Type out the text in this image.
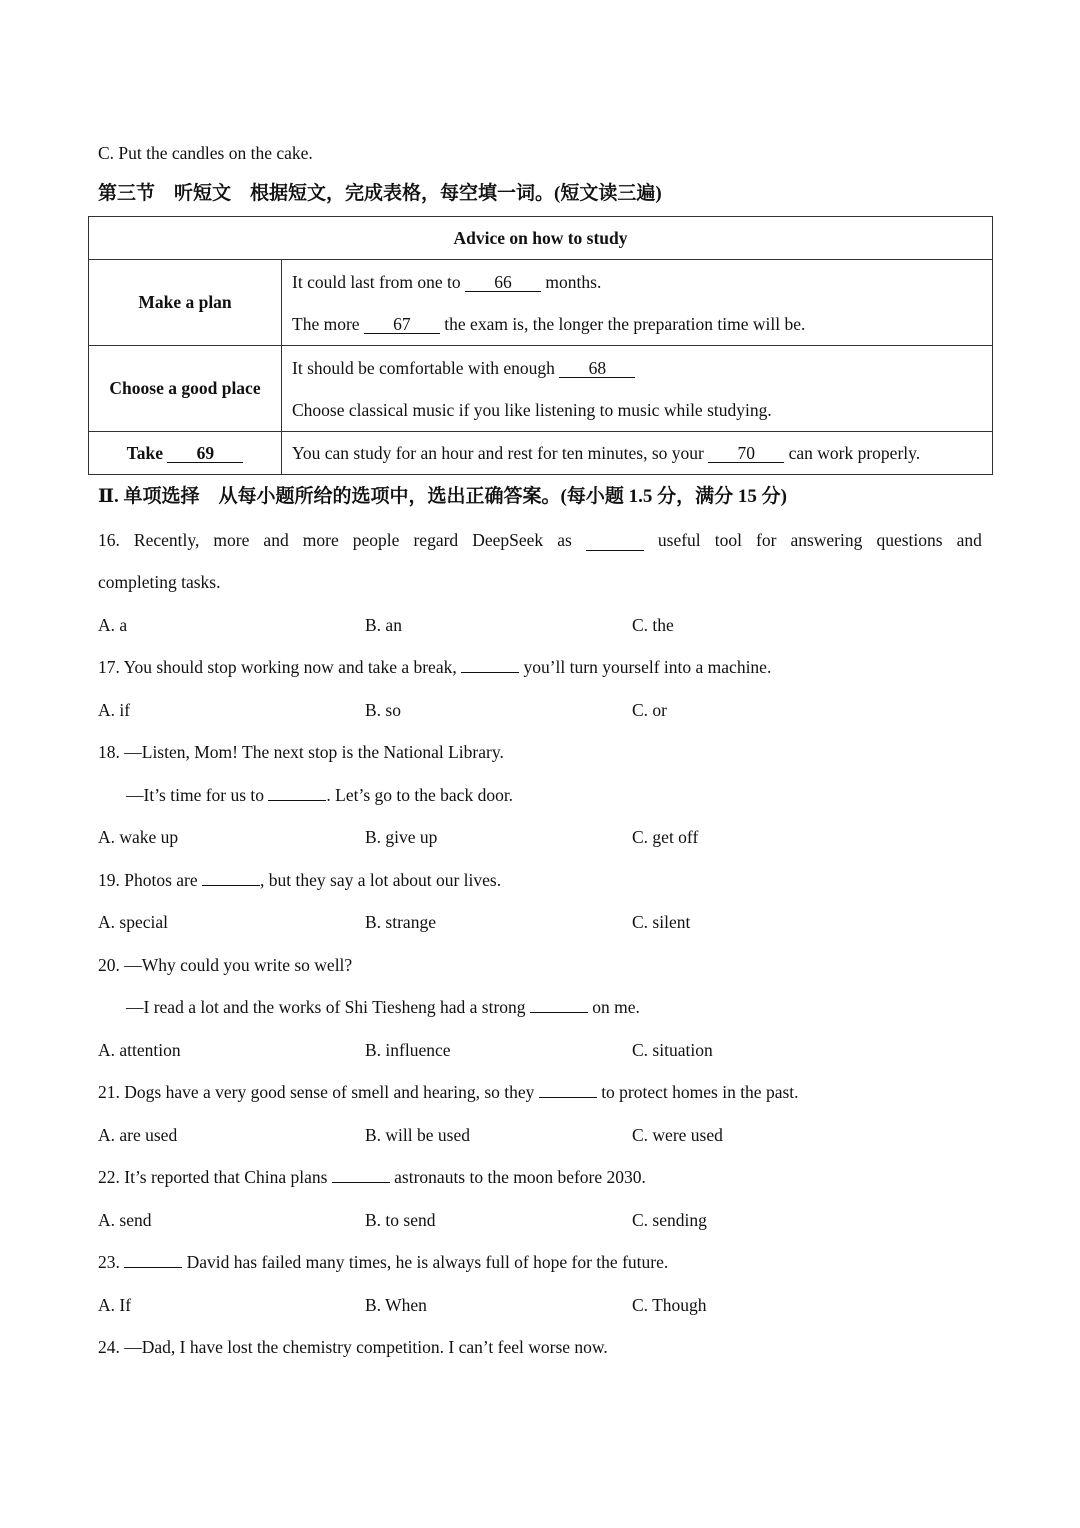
C. Put the candles on the cake.
第三节　听短文　根据短文，完成表格，每空填一词。(短文读三遍)
Advice on how to study	
Make a plan	It could last from one to 66 months.
The more 67 the exam is, the longer the preparation time will be.

Choose a good place	It should be comfortable with enough 68
Choose classical music if you like listening to music while studying.

Take 69	You can study for an hour and rest for ten minutes, so your 70 can work properly.
Ⅱ. 单项选择　从每小题所给的选项中，选出正确答案。(每小题 1.5 分，满分 15 分)
16. Recently, more and more people regard DeepSeek as	useful tool for answering questions and
completing tasks.
A. a	B. an	C. the
17. You should stop working now and take a break,	you’ll turn yourself into a machine.
A. if	B. so	C. or
18. —Listen, Mom! The next stop is the National Library.
—It’s time for us to	. Let’s go to the back door.
A. wake up	B. give up	C. get off
19. Photos are	, but they say a lot about our lives.
A. special	B. strange	C. silent
20. —Why could you write so well?
—I read a lot and the works of Shi Tiesheng had a strong	on me.
A. attention	B. influence	C. situation
21. Dogs have a very good sense of smell and hearing, so they	to protect homes in the past.
A. are used	B. will be used	C. were used
22. It’s reported that China plans	astronauts to the moon before 2030.
A. send	B. to send	C. sending
23.	David has failed many times, he is always full of hope for the future.
A. If	B. When	C. Though
24. —Dad, I have lost the chemistry competition. I can’t feel worse now.
